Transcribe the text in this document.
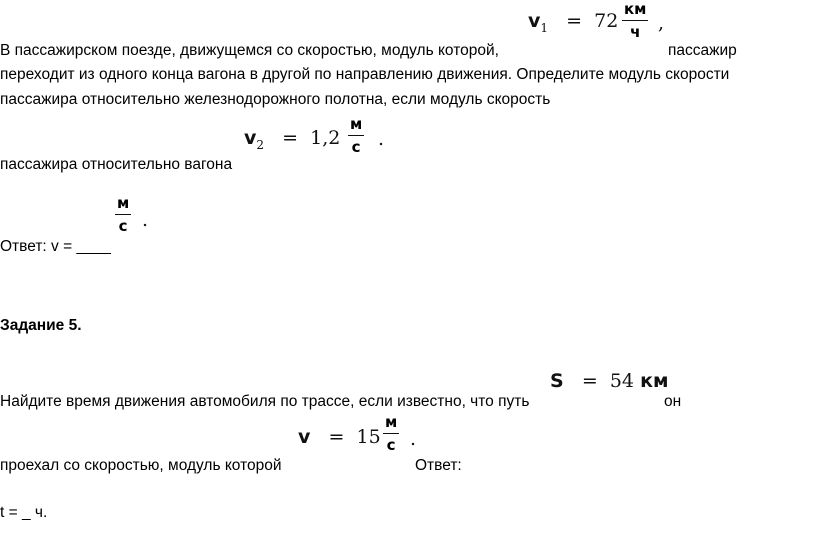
В пассажирском поезде, движущемся со скоростью, модуль которой,	пассажир
переходит из одного конца вагона в другой по направлению движения. Определите модуль скорости
пассажира относительно железнодорожного полотна, если модуль скорость
пассажира относительно вагона
Ответ: v = ____
$v_1 = 72$
км
ч ,
$v_2 = 1,2$
м
с .
м
с .
Задание 5.
Найдите время движения автомобиля по трассе, если известно, что путь	он
проехал со скоростью, модуль которой	Ответ:
t = _ ч.
S = 54 км
v = 15
м
с .
